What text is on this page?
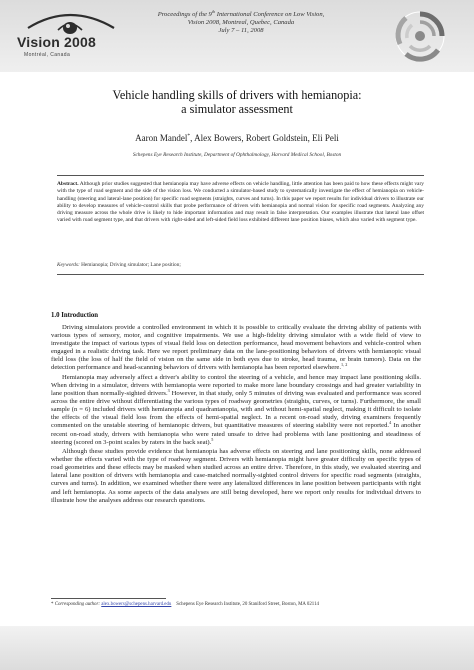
Vision 2008
Montréal, Canada
Proceedings of the 9th International Conference on Low Vision,
Vision 2008, Montreal, Quebec, Canada
July 7 – 11, 2008
Vehicle handling skills of drivers with hemianopia:
a simulator assessment
Aaron Mandel*, Alex Bowers, Robert Goldstein, Eli Peli
Schepens Eye Research Institute, Department of Ophthalmology, Harvard Medical School, Boston
Abstract. Although prior studies suggested that hemianopia may have adverse effects on vehicle handling, little attention has been paid to how these effects might vary with the type of road segment and the side of the vision loss. We conducted a simulator-based study to systematically investigate the effect of hemianopia on vehicle-handling (steering and lateral-lane position) for specific road segments (straights, curves and turns). In this paper we report results for individual drivers to illustrate our ability to develop measures of vehicle-control skills that probe performance of drivers with hemianopia and normal vision for specific road segments. Analyzing any driving measure across the whole drive is likely to hide important information and may result in false interpretation. Our examples illustrate that lateral lane offset varied with road segment type, and that drivers with right-sided and left-sided field loss exhibited different lane position biases, which also varied with segment type.
Keywords: Hemianopia; Driving simulator; Lane position;
1.0 Introduction

Driving simulators provide a controlled environment in which it is possible to critically evaluate the driving ability of patients with various types of sensory, motor, and cognitive impairments. We use a high-fidelity driving simulator with a wide field of view to investigate the impact of various types of visual field loss on detection performance, head movement behaviors and vehicle-control when engaged in a realistic driving task. Here we report preliminary data on the lane-positioning behaviors of drivers with hemianopic visual field loss (the loss of half the field of vision on the same side in both eyes due to stroke, head trauma, or brain tumors). Data on the detection performance and head-scanning behaviors of drivers with hemianopia has been reported elsewhere.$^{1, 2}$

Hemianopia may adversely affect a driver's ability to control the steering of a vehicle, and hence may impact lane positioning skills. When driving in a simulator, drivers with hemianopia were reported to make more lane boundary crossings and had greater variability in lane position than normally-sighted drivers.$^3$ However, in that study, only 5 minutes of driving was evaluated and performance was scored across the entire drive without differentiating the various types of roadway geometries (straights, curves, or turns). Furthermore, the small sample (n = 6) included drivers with hemianopia and quadrantanopia, with and without hemi-spatial neglect, making it difficult to isolate the effects of the visual field loss from the effects of hemi-spatial neglect. In a recent on-road study, driving examiners frequently commented on the unstable steering of hemianopic drivers, but quantitative measures of steering stability were not reported.$^4$ In another recent on-road study, drivers with hemianopia who were rated unsafe to drive had problems with lane positioning and steadiness of steering (scored on 3-point scales by raters in the back seat).$^5$

Although these studies provide evidence that hemianopia has adverse effects on steering and lane positioning skills, none addressed whether the effects varied with the type of roadway segment. Drivers with hemianopia might have greater difficulty on specific types of road geometries and these effects may be masked when studied across an entire drive. Therefore, in this study, we evaluated steering and lateral lane position of drivers with hemianopia and case-matched normally-sighted control drivers for specific road segments (straights, curves and turns). In addition, we examined whether there were any lateralized differences in lane position between participants with right and left hemianopia. As some aspects of the data analyses are still being developed, here we report only results for individual drivers to illustrate how the analyses address our research questions.

* Corresponding author: alex.bowers@schepens.harvard.edu Schepens Eye Research Institute, 20 Staniford Street, Boston, MA 02114
